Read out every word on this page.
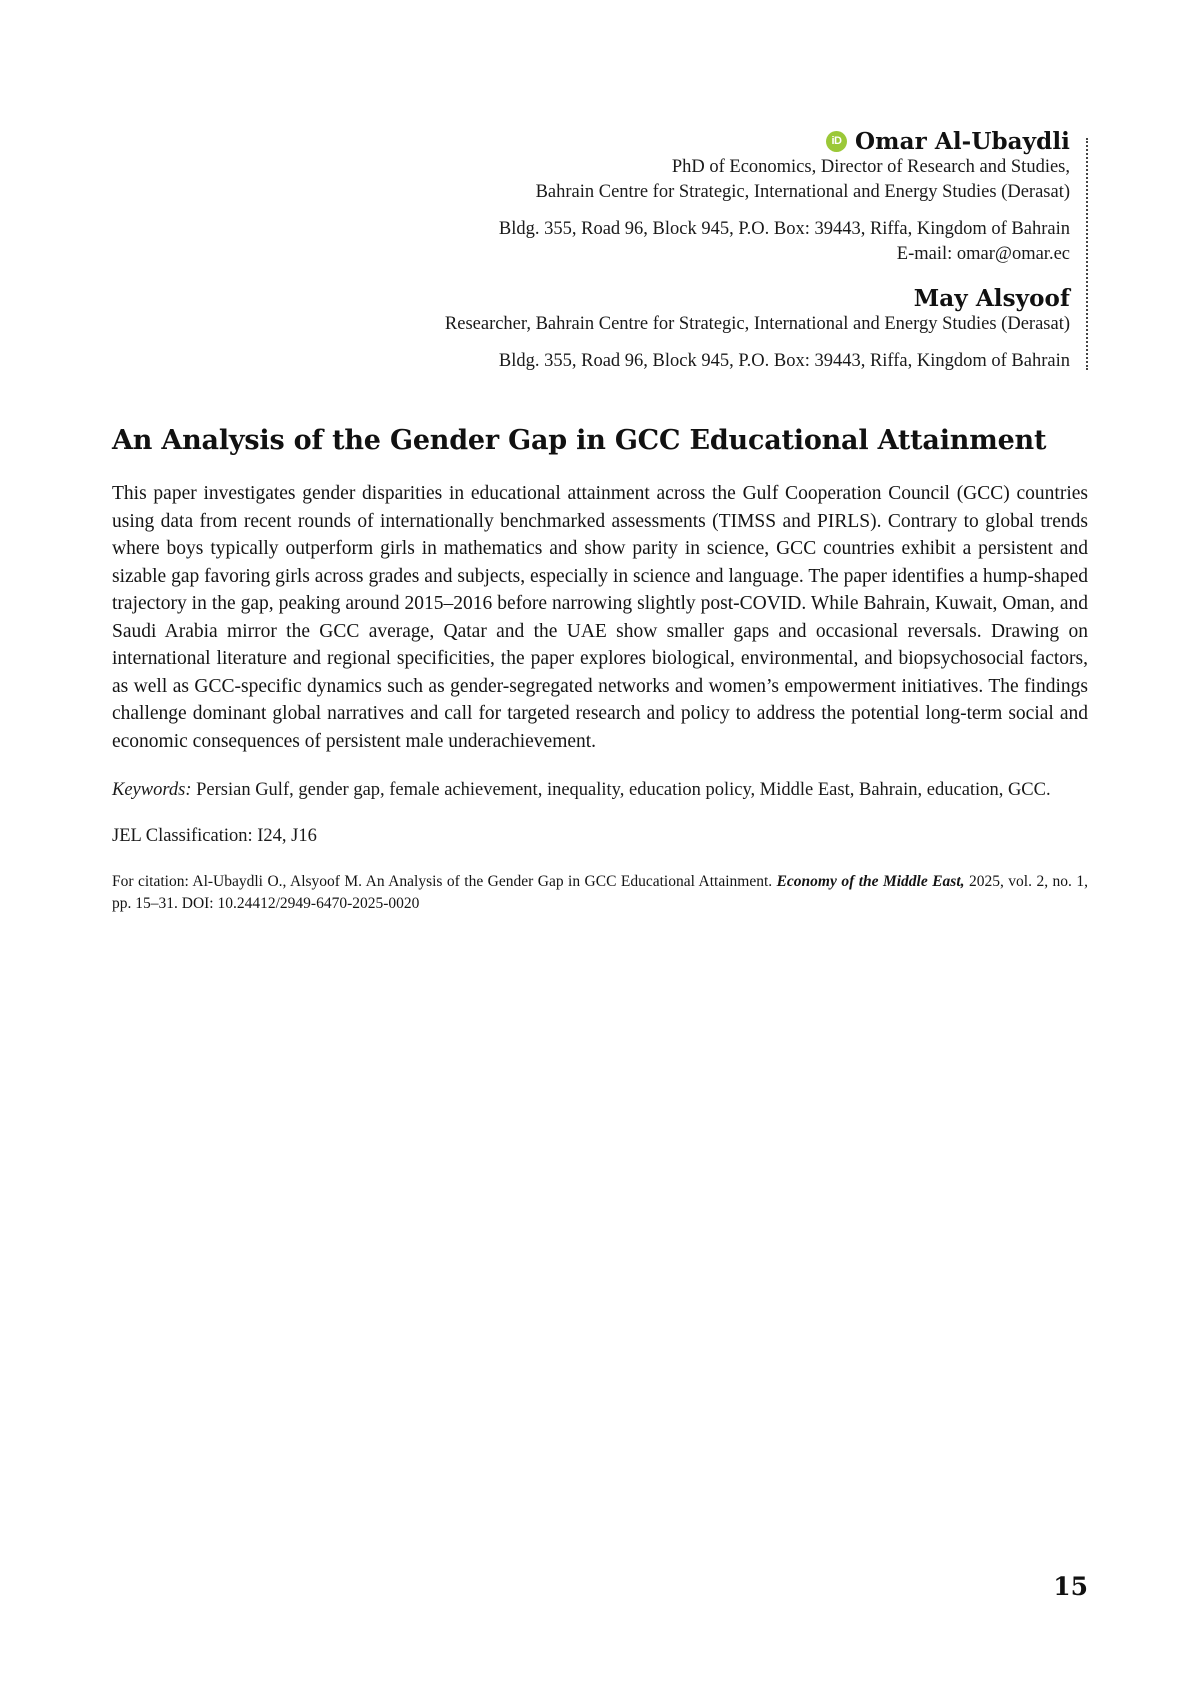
iD Omar Al-Ubaydli
PhD of Economics, Director of Research and Studies,
Bahrain Centre for Strategic, International and Energy Studies (Derasat)
Bldg. 355, Road 96, Block 945, P.O. Box: 39443, Riffa, Kingdom of Bahrain
E-mail: omar@omar.ec
May Alsyoof
Researcher, Bahrain Centre for Strategic, International and Energy Studies (Derasat)
Bldg. 355, Road 96, Block 945, P.O. Box: 39443, Riffa, Kingdom of Bahrain
An Analysis of the Gender Gap in GCC Educational Attainment

This paper investigates gender disparities in educational attainment across the Gulf Cooperation Council (GCC) countries using data from recent rounds of internationally benchmarked assessments (TIMSS and PIRLS). Contrary to global trends where boys typically outperform girls in mathematics and show parity in science, GCC countries exhibit a persistent and sizable gap favoring girls across grades and subjects, especially in science and language. The paper identifies a hump-shaped trajectory in the gap, peaking around 2015–2016 before narrowing slightly post-COVID. While Bahrain, Kuwait, Oman, and Saudi Arabia mirror the GCC average, Qatar and the UAE show smaller gaps and occasional reversals. Drawing on international literature and regional specificities, the paper explores biological, environmental, and biopsychosocial factors, as well as GCC-specific dynamics such as gender-segregated networks and women’s empowerment initiatives. The findings challenge dominant global narratives and call for targeted research and policy to address the potential long-term social and economic consequences of persistent male underachievement.

Keywords: Persian Gulf, gender gap, female achievement, inequality, education policy, Middle East, Bahrain, education, GCC.

JEL Classification: I24, J16

For citation: Al-Ubaydli O., Alsyoof M. An Analysis of the Gender Gap in GCC Educational Attainment. Economy of the Middle East, 2025, vol. 2, no. 1, pp. 15–31. DOI: 10.24412/2949-6470-2025-0020

15
